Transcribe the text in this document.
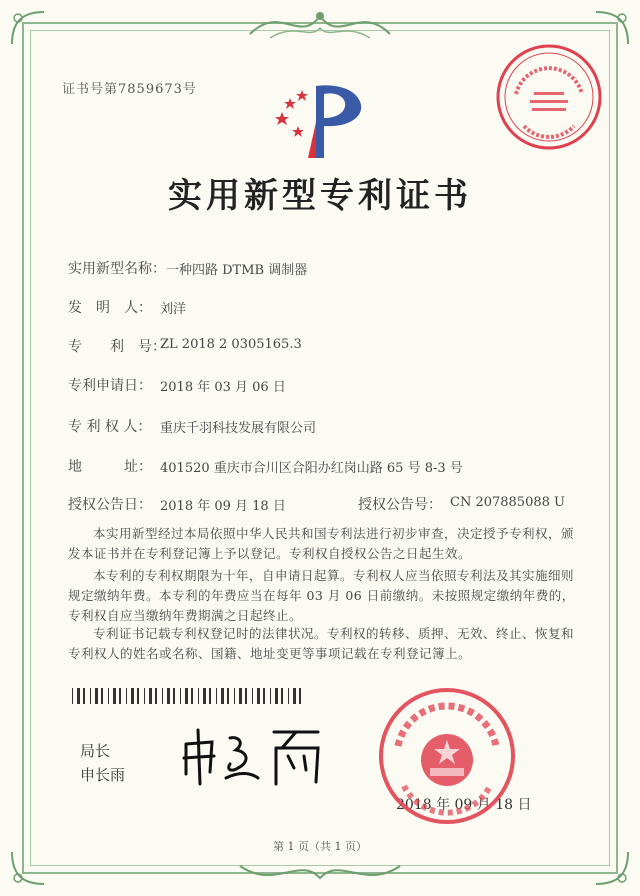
证书号第7859673号
实用新型专利证书
实用新型名称： 一种四路 DTMB 调制器
发　明　人： 刘洋
专　　利　号：
ZL 2018 2 0305165.3
专利申请日： 2018 年 03 月 06 日
专 利 权 人： 重庆千羽科技发展有限公司
地　　　址： 401520 重庆市合川区合阳办红岗山路 65 号 8-3 号
授权公告日： 2018 年 09 月 18 日	授权公告号： CN 207885088 U
本实用新型经过本局依照中华人民共和国专利法进行初步审查，决定授予专利权，颁发本证书并在专利登记簿上予以登记。专利权自授权公告之日起生效。
本专利的专利权期限为十年，自申请日起算。专利权人应当依照专利法及其实施细则规定缴纳年费。本专利的年费应当在每年 03 月 06 日前缴纳。未按照规定缴纳年费的，专利权自应当缴纳年费期满之日起终止。
专利证书记载专利权登记时的法律状况。专利权的转移、质押、无效、终止、恢复和专利权人的姓名或名称、国籍、地址变更等事项记载在专利登记簿上。
局长
申长雨
2018 年 09 月 18 日
第 1 页（共 1 页）
